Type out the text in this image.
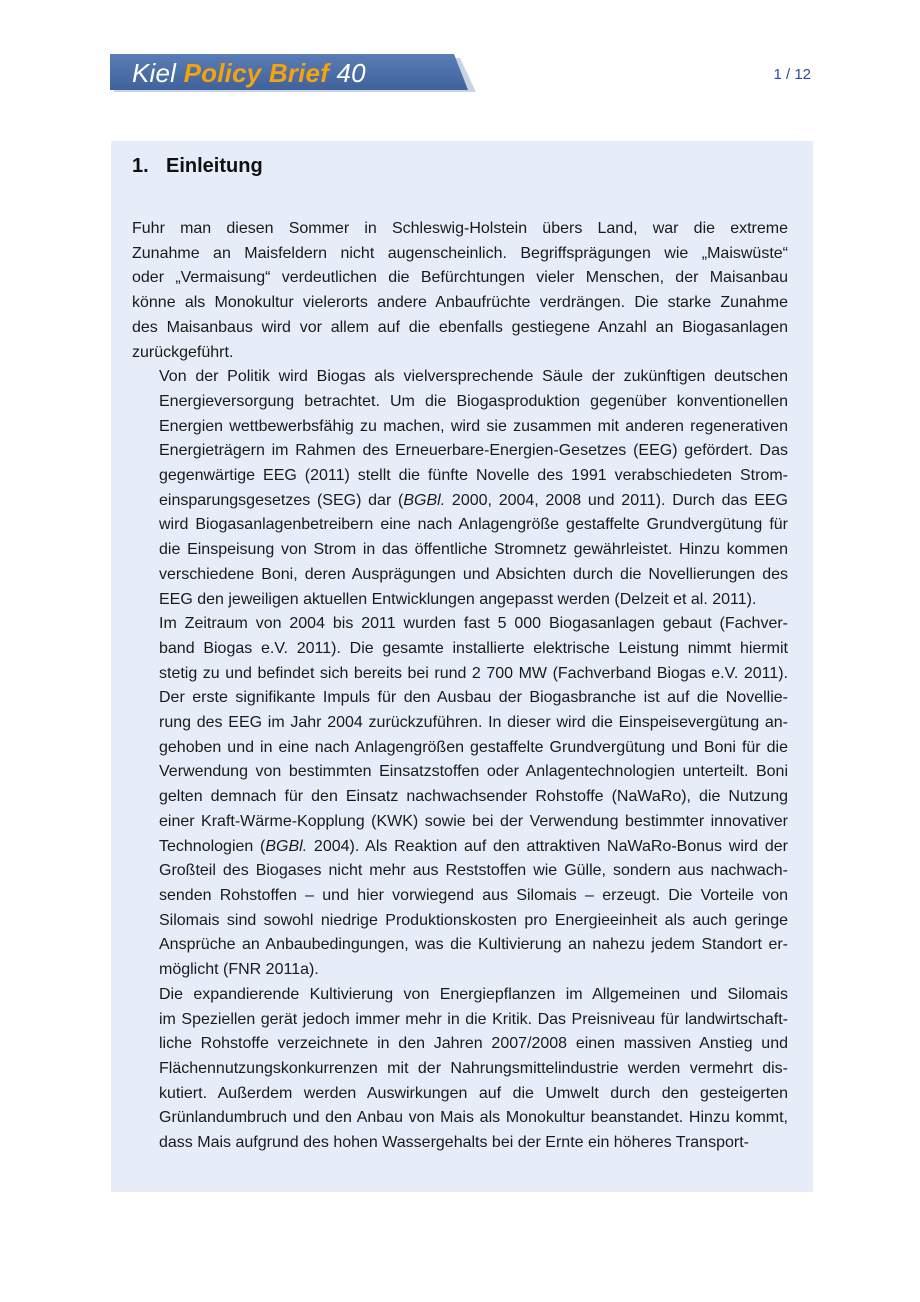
Kiel Policy Brief 40	1 / 12
1. Einleitung

Fuhr man diesen Sommer in Schleswig-Holstein übers Land, war die extreme
Zunahme an Maisfeldern nicht augenscheinlich. Begriffsprägungen wie „Maiswüste“
oder „Vermaisung“ verdeutlichen die Befürchtungen vieler Menschen, der Maisanbau
könne als Monokultur vielerorts andere Anbaufrüchte verdrängen. Die starke Zunahme
des Maisanbaus wird vor allem auf die ebenfalls gestiegene Anzahl an Biogasanlagen
zurückgeführt.

Von der Politik wird Biogas als vielversprechende Säule der zukünftigen deutschen
Energieversorgung betrachtet. Um die Biogasproduktion gegenüber konventionellen
Energien wettbewerbsfähig zu machen, wird sie zusammen mit anderen regenerativen
Energieträgern im Rahmen des Erneuerbare-Energien-Gesetzes (EEG) gefördert. Das
gegenwärtige EEG (2011) stellt die fünfte Novelle des 1991 verabschiedeten Strom-
einsparungsgesetzes (SEG) dar (BGBl. 2000, 2004, 2008 und 2011). Durch das EEG
wird Biogasanlagenbetreibern eine nach Anlagengröße gestaffelte Grundvergütung für
die Einspeisung von Strom in das öffentliche Stromnetz gewährleistet. Hinzu kommen
verschiedene Boni, deren Ausprägungen und Absichten durch die Novellierungen des
EEG den jeweiligen aktuellen Entwicklungen angepasst werden (Delzeit et al. 2011).

Im Zeitraum von 2004 bis 2011 wurden fast 5 000 Biogasanlagen gebaut (Fachver-
band Biogas e.V. 2011). Die gesamte installierte elektrische Leistung nimmt hiermit
stetig zu und befindet sich bereits bei rund 2 700 MW (Fachverband Biogas e.V. 2011).
Der erste signifikante Impuls für den Ausbau der Biogasbranche ist auf die Novellie-
rung des EEG im Jahr 2004 zurückzuführen. In dieser wird die Einspeisevergütung an-
gehoben und in eine nach Anlagengrößen gestaffelte Grundvergütung und Boni für die
Verwendung von bestimmten Einsatzstoffen oder Anlagentechnologien unterteilt. Boni
gelten demnach für den Einsatz nachwachsender Rohstoffe (NaWaRo), die Nutzung
einer Kraft-Wärme-Kopplung (KWK) sowie bei der Verwendung bestimmter innovativer
Technologien (BGBl. 2004). Als Reaktion auf den attraktiven NaWaRo-Bonus wird der
Großteil des Biogases nicht mehr aus Reststoffen wie Gülle, sondern aus nachwach-
senden Rohstoffen – und hier vorwiegend aus Silomais – erzeugt. Die Vorteile von
Silomais sind sowohl niedrige Produktionskosten pro Energieeinheit als auch geringe
Ansprüche an Anbaubedingungen, was die Kultivierung an nahezu jedem Standort er-
möglicht (FNR 2011a).

Die expandierende Kultivierung von Energiepflanzen im Allgemeinen und Silomais
im Speziellen gerät jedoch immer mehr in die Kritik. Das Preisniveau für landwirtschaft-
liche Rohstoffe verzeichnete in den Jahren 2007/2008 einen massiven Anstieg und
Flächennutzungskonkurrenzen mit der Nahrungsmittelindustrie werden vermehrt dis-
kutiert. Außerdem werden Auswirkungen auf die Umwelt durch den gesteigerten
Grünlandumbruch und den Anbau von Mais als Monokultur beanstandet. Hinzu kommt,
dass Mais aufgrund des hohen Wassergehalts bei der Ernte ein höheres Transport-
